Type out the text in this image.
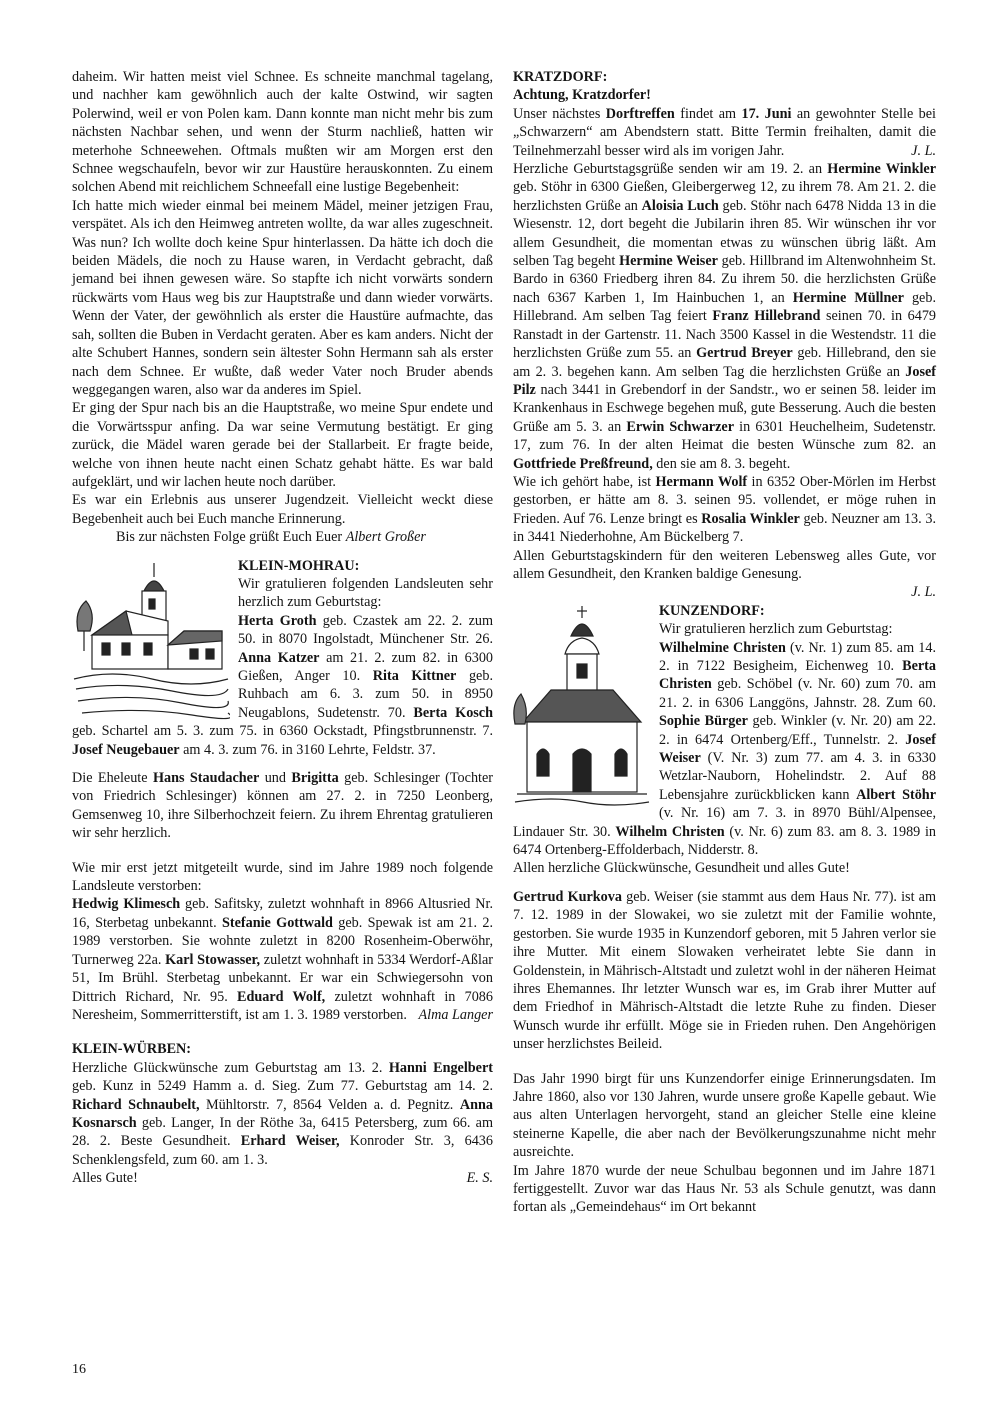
daheim. Wir hatten meist viel Schnee. Es schneite manchmal tagelang, und nachher kam gewöhnlich auch der kalte Ostwind, wir sagten Polerwind, weil er von Polen kam. Dann konnte man nicht mehr bis zum nächsten Nachbar sehen, und wenn der Sturm nachließ, hatten wir meterhohe Schneewehen. Oftmals mußten wir am Morgen erst den Schnee wegschaufeln, bevor wir zur Haustüre herauskonnten. Zu einem solchen Abend mit reichlichem Schneefall eine lustige Begebenheit:

Ich hatte mich wieder einmal bei meinem Mädel, meiner jetzigen Frau, verspätet. Als ich den Heimweg antreten wollte, da war alles zugeschneit. Was nun? Ich wollte doch keine Spur hinterlassen. Da hätte ich doch die beiden Mädels, die noch zu Hause waren, in Verdacht gebracht, daß jemand bei ihnen gewesen wäre. So stapfte ich nicht vorwärts sondern rückwärts vom Haus weg bis zur Hauptstraße und dann wieder vorwärts. Wenn der Vater, der gewöhnlich als erster die Haustüre aufmachte, das sah, sollten die Buben in Verdacht geraten. Aber es kam anders. Nicht der alte Schubert Hannes, sondern sein ältester Sohn Hermann sah als erster nach dem Schnee. Er wußte, daß weder Vater noch Bruder abends weggegangen waren, also war da anderes im Spiel.

Er ging der Spur nach bis an die Hauptstraße, wo meine Spur endete und die Vorwärtsspur anfing. Da war seine Vermutung bestätigt. Er ging zurück, die Mädel waren gerade bei der Stallarbeit. Er fragte beide, welche von ihnen heute nacht einen Schatz gehabt hätte. Es war bald aufgeklärt, und wir lachen heute noch darüber.

Es war ein Erlebnis aus unserer Jugendzeit. Vielleicht weckt diese Begebenheit auch bei Euch manche Erinnerung.

Bis zur nächsten Folge grüßt Euch Euer Albert Großer

KLEIN-MOHRAU:

Wir gratulieren folgenden Landsleuten sehr herzlich zum Geburtstag:

Herta Groth geb. Czastek am 22. 2. zum 50. in 8070 Ingolstadt, Münchener Str. 26. Anna Katzer am 21. 2. zum 82. in 6300 Gießen, Anger 10. Rita Kittner geb. Ruhbach am 6. 3. zum 50. in 8950 Neugablons, Sudetenstr. 70. Berta Kosch geb. Schartel am 5. 3. zum 75. in 6360 Ockstadt, Pfingstbrunnenstr. 7. Josef Neugebauer am 4. 3. zum 76. in 3160 Lehrte, Feldstr. 37.

Die Eheleute Hans Staudacher und Brigitta geb. Schlesinger (Tochter von Friedrich Schlesinger) können am 27. 2. in 7250 Leonberg, Gemsenweg 10, ihre Silberhochzeit feiern. Zu ihrem Ehrentag gratulieren wir sehr herzlich.

Wie mir erst jetzt mitgeteilt wurde, sind im Jahre 1989 noch folgende Landsleute verstorben:

Hedwig Klimesch geb. Safitsky, zuletzt wohnhaft in 8966 Altusried Nr. 16, Sterbetag unbekannt. Stefanie Gottwald geb. Spewak ist am 21. 2. 1989 verstorben. Sie wohnte zuletzt in 8200 Rosenheim-Oberwöhr, Turnerweg 22a. Karl Stowasser, zuletzt wohnhaft in 5334 Werdorf-Aßlar 51, Im Brühl. Sterbetag unbekannt. Er war ein Schwiegersohn von Dittrich Richard, Nr. 95. Eduard Wolf, zuletzt wohnhaft in 7086 Neresheim, Sommerritterstift, ist am 1. 3. 1989 verstorben. Alma Langer

KLEIN-WÜRBEN:

Herzliche Glückwünsche zum Geburtstag am 13. 2. Hanni Engelbert geb. Kunz in 5249 Hamm a. d. Sieg. Zum 77. Geburtstag am 14. 2. Richard Schnaubelt, Mühltorstr. 7, 8564 Velden a. d. Pegnitz. Anna Kosnarsch geb. Langer, In der Röthe 3a, 6415 Petersberg, zum 66. am 28. 2. Beste Gesundheit. Erhard Weiser, Konroder Str. 3, 6436 Schenklengsfeld, zum 60. am 1. 3.

Alles Gute!	E. S.

KRATZDORF:

Achtung, Kratzdorfer!

Unser nächstes Dorftreffen findet am 17. Juni an gewohnter Stelle bei „Schwarzern“ am Abendstern statt. Bitte Termin freihalten, damit die Teilnehmerzahl besser wird als im vorigen Jahr.	J. L.

Herzliche Geburtstagsgrüße senden wir am 19. 2. an Hermine Winkler geb. Stöhr in 6300 Gießen, Gleibergerweg 12, zu ihrem 78. Am 21. 2. die herzlichsten Grüße an Aloisia Luch geb. Stöhr nach 6478 Nidda 13 in die Wiesenstr. 12, dort begeht die Jubilarin ihren 85. Wir wünschen ihr vor allem Gesundheit, die momentan etwas zu wünschen übrig läßt. Am selben Tag begeht Hermine Weiser geb. Hillbrand im Altenwohnheim St. Bardo in 6360 Friedberg ihren 84. Zu ihrem 50. die herzlichsten Grüße nach 6367 Karben 1, Im Hainbuchen 1, an Hermine Müllner geb. Hillebrand. Am selben Tag feiert Franz Hillebrand seinen 70. in 6479 Ranstadt in der Gartenstr. 11. Nach 3500 Kassel in die Westendstr. 11 die herzlichsten Grüße zum 55. an Gertrud Breyer geb. Hillebrand, den sie am 2. 3. begehen kann. Am selben Tag die herzlichsten Grüße an Josef Pilz nach 3441 in Grebendorf in der Sandstr., wo er seinen 58. leider im Krankenhaus in Eschwege begehen muß, gute Besserung. Auch die besten Grüße am 5. 3. an Erwin Schwarzer in 6301 Heuchelheim, Sudetenstr. 17, zum 76. In der alten Heimat die besten Wünsche zum 82. an Gottfriede Preßfreund, den sie am 8. 3. begeht.

Wie ich gehört habe, ist Hermann Wolf in 6352 Ober-Mörlen im Herbst gestorben, er hätte am 8. 3. seinen 95. vollendet, er möge ruhen in Frieden. Auf 76. Lenze bringt es Rosalia Winkler geb. Neuzner am 13. 3. in 3441 Niederhohne, Am Bückelberg 7.

Allen Geburtstagskindern für den weiteren Lebensweg alles Gute, vor allem Gesundheit, den Kranken baldige Genesung.

J. L.

KUNZENDORF:

Wir gratulieren herzlich zum Geburtstag:

Wilhelmine Christen (v. Nr. 1) zum 85. am 14. 2. in 7122 Besigheim, Eichenweg 10. Berta Christen geb. Schöbel (v. Nr. 60) zum 70. am 21. 2. in 6306 Langgöns, Jahnstr. 28. Zum 60. Sophie Bürger geb. Winkler (v. Nr. 20) am 22. 2. in 6474 Ortenberg/Eff., Tunnelstr. 2. Josef Weiser (V. Nr. 3) zum 77. am 4. 3. in 6330 Wetzlar-Nauborn, Hohelindstr. 2. Auf 88 Lebensjahre zurückblicken kann Albert Stöhr (v. Nr. 16) am 7. 3. in 8970 Bühl/Alpensee, Lindauer Str. 30. Wilhelm Christen (v. Nr. 6) zum 83. am 8. 3. 1989 in 6474 Ortenberg-Effolderbach, Nidderstr. 8.

Allen herzliche Glückwünsche, Gesundheit und alles Gute!

Gertrud Kurkova geb. Weiser (sie stammt aus dem Haus Nr. 77). ist am 7. 12. 1989 in der Slowakei, wo sie zuletzt mit der Familie wohnte, gestorben. Sie wurde 1935 in Kunzendorf geboren, mit 5 Jahren verlor sie ihre Mutter. Mit einem Slowaken verheiratet lebte Sie dann in Goldenstein, in Mährisch-Altstadt und zuletzt wohl in der näheren Heimat ihres Ehemannes. Ihr letzter Wunsch war es, im Grab ihrer Mutter auf dem Friedhof in Mährisch-Altstadt die letzte Ruhe zu finden. Dieser Wunsch wurde ihr erfüllt. Möge sie in Frieden ruhen. Den Angehörigen unser herzlichstes Beileid.

Das Jahr 1990 birgt für uns Kunzendorfer einige Erinnerungsdaten. Im Jahre 1860, also vor 130 Jahren, wurde unsere große Kapelle gebaut. Wie aus alten Unterlagen hervorgeht, stand an gleicher Stelle eine kleine steinerne Kapelle, die aber nach der Bevölkerungszunahme nicht mehr ausreichte.

Im Jahre 1870 wurde der neue Schulbau begonnen und im Jahre 1871 fertiggestellt. Zuvor war das Haus Nr. 53 als Schule genutzt, was dann fortan als „Gemeindehaus“ im Ort bekannt

16
